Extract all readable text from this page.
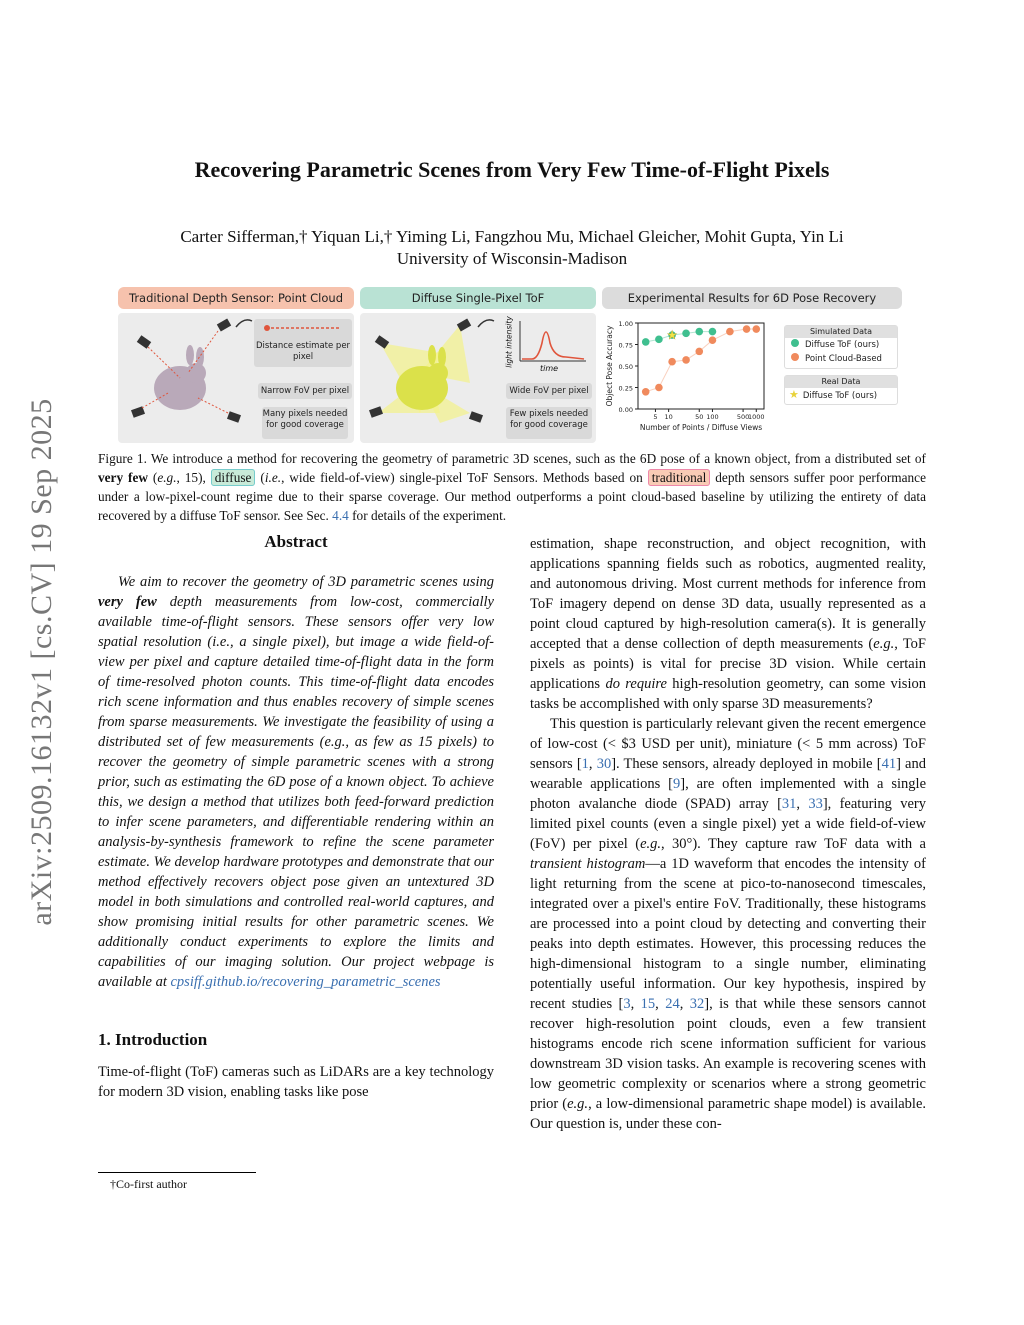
arXiv:2509.16132v1 [cs.CV] 19 Sep 2025
Recovering Parametric Scenes from Very Few Time-of-Flight Pixels
Carter Sifferman,† Yiquan Li,† Yiming Li, Fangzhou Mu, Michael Gleicher, Mohit Gupta, Yin Li
University of Wisconsin-Madison
Traditional Depth Sensor: Point Cloud
Distance estimate per pixel
Narrow FoV per pixel
Many pixels needed for good coverage
Diffuse Single-Pixel ToF
light intensity
time
Wide FoV per pixel
Few pixels needed for good coverage
Experimental Results for 6D Pose Recovery
0.00
0.25
0.50
0.75
1.00
5 10	50 100	500
1000
Number of Points / Diffuse Views
Object Pose Accuracy	★	Simulated Data
Diffuse ToF (ours)
Point Cloud-Based
Real Data
★ Diffuse ToF (ours)
Figure 1. We introduce a method for recovering the geometry of parametric 3D scenes, such as the 6D pose of a known object, from a distributed set of very few (e.g., 15), diffuse (i.e., wide field-of-view) single-pixel ToF Sensors. Methods based on traditional depth sensors suffer poor performance under a low-pixel-count regime due to their sparse coverage. Our method outperforms a point cloud-based baseline by utilizing the entirety of data recovered by a diffuse ToF sensor. See Sec. 4.4 for details of the experiment.
Abstract

We aim to recover the geometry of 3D parametric scenes using very few depth measurements from low-cost, commercially available time-of-flight sensors. These sensors offer very low spatial resolution (i.e., a single pixel), but image a wide field-of-view per pixel and capture detailed time-of-flight data in the form of time-resolved photon counts. This time-of-flight data encodes rich scene information and thus enables recovery of simple scenes from sparse measurements. We investigate the feasibility of using a distributed set of few measurements (e.g., as few as 15 pixels) to recover the geometry of simple parametric scenes with a strong prior, such as estimating the 6D pose of a known object. To achieve this, we design a method that utilizes both feed-forward prediction to infer scene parameters, and differentiable rendering within an analysis-by-synthesis framework to refine the scene parameter estimate. We develop hardware prototypes and demonstrate that our method effectively recovers object pose given an untextured 3D model in both simulations and controlled real-world captures, and show promising initial results for other parametric scenes. We additionally conduct experiments to explore the limits and capabilities of our imaging solution. Our project webpage is available at cpsiff.github.io/recovering_parametric_scenes

1. Introduction

Time-of-flight (ToF) cameras such as LiDARs are a key technology for modern 3D vision, enabling tasks like pose

†Co-first author

estimation, shape reconstruction, and object recognition, with applications spanning fields such as robotics, augmented reality, and autonomous driving. Most current methods for inference from ToF imagery depend on dense 3D data, usually represented as a point cloud captured by high-resolution camera(s). It is generally accepted that a dense collection of depth measurements (e.g., ToF pixels as points) is vital for precise 3D vision. While certain applications do require high-resolution geometry, can some vision tasks be accomplished with only sparse 3D measurements?

This question is particularly relevant given the recent emergence of low-cost (< $3 USD per unit), miniature (< 5 mm across) ToF sensors [1, 30]. These sensors, already deployed in mobile [41] and wearable applications [9], are often implemented with a single photon avalanche diode (SPAD) array [31, 33], featuring very limited pixel counts (even a single pixel) yet a wide field-of-view (FoV) per pixel (e.g., 30°). They capture raw ToF data with a transient histogram—a 1D waveform that encodes the intensity of light returning from the scene at pico-to-nanosecond timescales, integrated over a pixel's entire FoV. Traditionally, these histograms are processed into a point cloud by detecting and converting their peaks into depth estimates. However, this processing reduces the high-dimensional histogram to a single number, eliminating potentially useful information. Our key hypothesis, inspired by recent studies [3, 15, 24, 32], is that while these sensors cannot recover high-resolution point clouds, even a few transient histograms encode rich scene information sufficient for various downstream 3D vision tasks. An example is recovering scenes with low geometric complexity or scenarios where a strong geometric prior (e.g., a low-dimensional parametric shape model) is available. Our question is, under these con-
